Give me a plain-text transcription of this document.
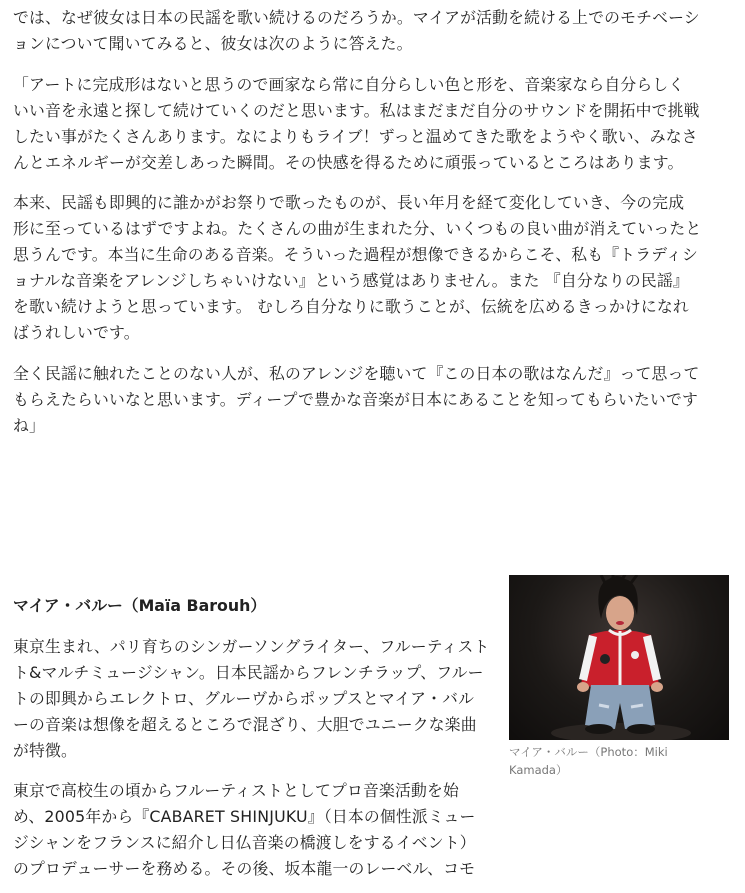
では、なぜ彼女は日本の民謡を歌い続けるのだろうか。マイアが活動を続ける上でのモチベーシ
ョンについて聞いてみると、彼女は次のように答えた。
「アートに完成形はないと思うので画家なら常に自分らしい色と形を、音楽家なら自分らしく
いい音を永遠と探して続けていくのだと思います。私はまだまだ自分のサウンドを開拓中で挑戦
したい事がたくさんあります。なによりもライブ！ずっと温めてきた歌をようやく歌い、みなさ
んとエネルギーが交差しあった瞬間。その快感を得るために頑張っているところはあります。
本来、民謡も即興的に誰かがお祭りで歌ったものが、長い年月を経て変化していき、今の完成
形に至っているはずですよね。たくさんの曲が生まれた分、いくつもの良い曲が消えていったと
思うんです。本当に生命のある音楽。そういった過程が想像できるからこそ、私も『トラディシ
ョナルな音楽をアレンジしちゃいけない』という感覚はありません。また 『自分なりの民謡』
を歌い続けようと思っています。 むしろ自分なりに歌うことが、伝統を広めるきっかけになれ
ばうれしいです。
全く民謡に触れたことのない人が、私のアレンジを聴いて『この日本の歌はなんだ』って思って
もらえたらいいなと思います。ディープで豊かな音楽が日本にあることを知ってもらいたいです
ね」
マイア・バルー（Maïa Barouh）
東京生まれ、パリ育ちのシンガーソングライター、フルーティスト
ト&マルチミュージシャン。日本民謡からフレンチラップ、フルー
トの即興からエレクトロ、グルーヴからポップスとマイア・バル
ーの音楽は想像を超えるところで混ざり、大胆でユニークな楽曲
が特徴。
東京で高校生の頃からフルーティストとしてプロ音楽活動を始
め、2005年から『CABARET SHINJUKU』（日本の個性派ミュー
ジシャンをフランスに紹介し日仏音楽の橋渡しをするイベント）
のプロデューサーを務める。その後、坂本龍一のレーベル、コモ
マイア・バルー（Photo：Miki
Kamada）
